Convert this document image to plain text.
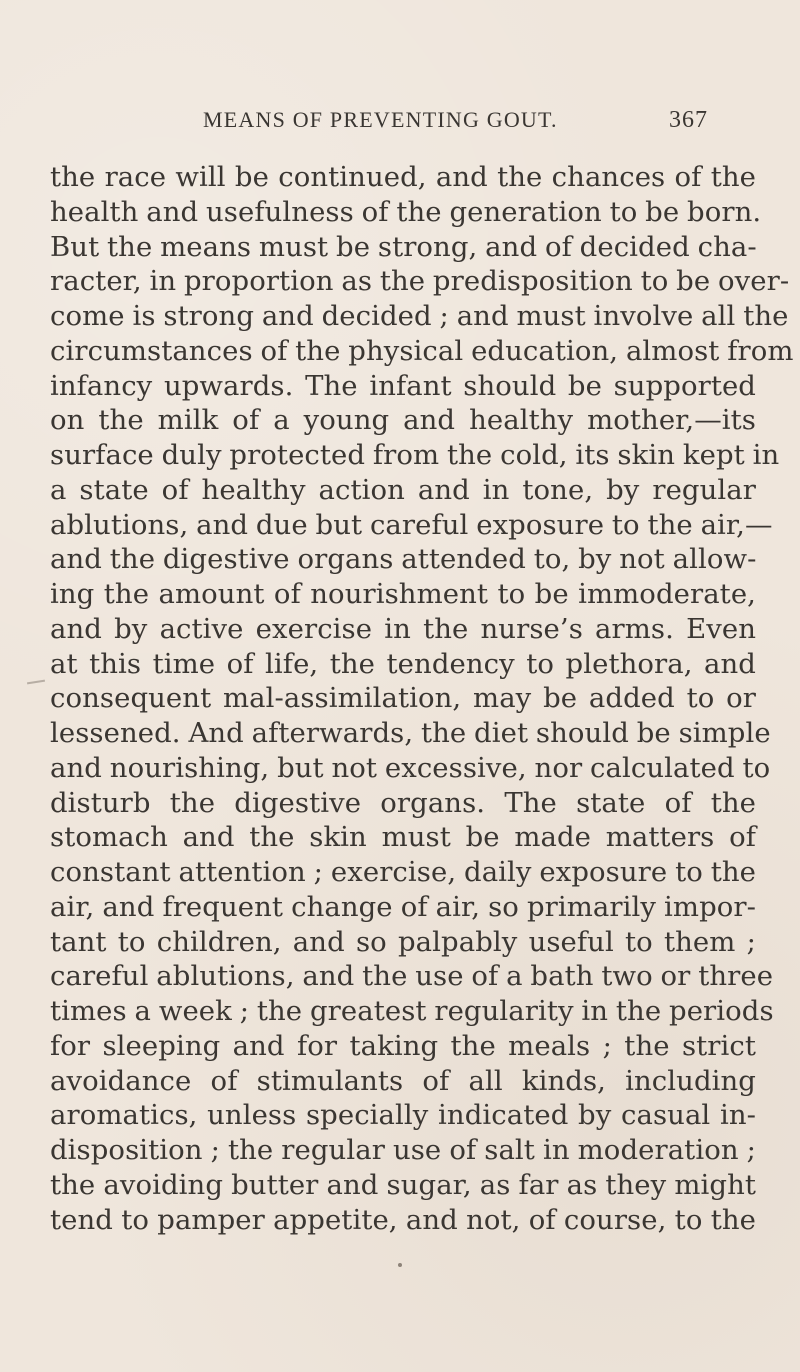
MEANS OF PREVENTING GOUT.	367
the race will be continued, and the chances of the
health and usefulness of the generation to be born.
But the means must be strong, and of decided cha-
racter, in proportion as the predisposition to be over-
come is strong and decided ; and must involve all the
circumstances of the physical education, almost from
infancy upwards. The infant should be supported
on the milk of a young and healthy mother,—its
surface duly protected from the cold, its skin kept in
a state of healthy action and in tone, by regular
ablutions, and due but careful exposure to the air,—
and the digestive organs attended to, by not allow-
ing the amount of nourishment to be immoderate,
and by active exercise in the nurse’s arms. Even
at this time of life, the tendency to plethora, and
consequent mal-assimilation, may be added to or
lessened. And afterwards, the diet should be simple
and nourishing, but not excessive, nor calculated to
disturb the digestive organs. The state of the
stomach and the skin must be made matters of
constant attention ; exercise, daily exposure to the
air, and frequent change of air, so primarily impor-
tant to children, and so palpably useful to them ;
careful ablutions, and the use of a bath two or three
times a week ; the greatest regularity in the periods
for sleeping and for taking the meals ; the strict
avoidance of stimulants of all kinds, including
aromatics, unless specially indicated by casual in-
disposition ; the regular use of salt in moderation ;
the avoiding butter and sugar, as far as they might
tend to pamper appetite, and not, of course, to the
